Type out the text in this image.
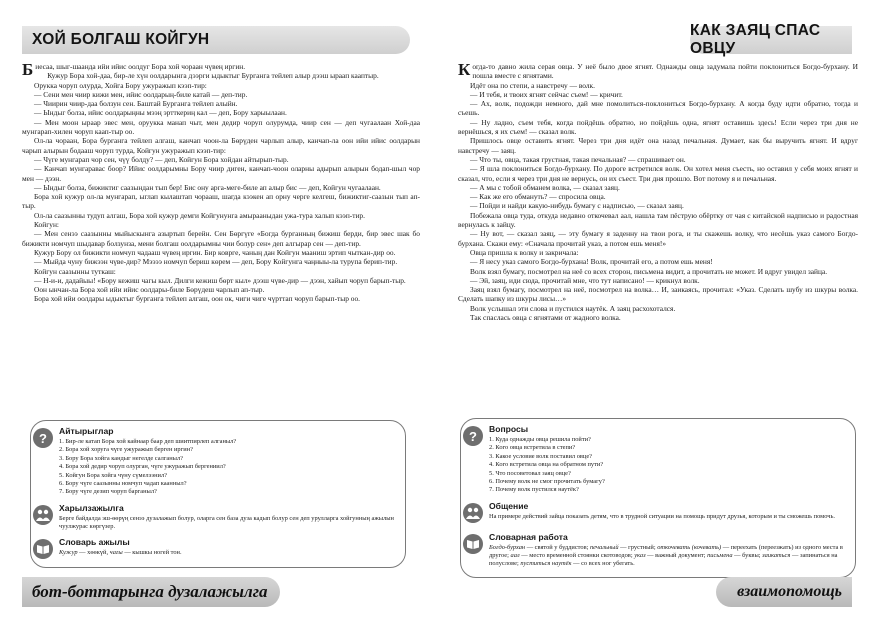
ХОЙ БОЛГАШ КОЙГУН

Биесаа, шыг-шаанда ийи ийис оолдуг Бора хой чораан чүвең иргин.

Кужур Бора хой-даа, бир-ле хүн оолдарынга дээрги ыдыктыг Бурганга тейлеп алыр дээш ыраап кааптыр.

Орукка чоруп олурда, Хойга Бору ужуражып кээп-тир:

— Сени мен чиир кижи мен, ийис оолдарың-биле катай — деп-тир.

— Чиирин чиир-даа болзун сен. Баштай Бурганга тейлеп алыйн.

— Ындыг болза, ийис оолдарыңны мээң эртткериң кал — деп, Бору харыылаан.

— Мен моон ыраар эвес мен, оруукка манап чыт, мен дедир чоруп олурумда, чиир сен — деп чугаалаан Хой-даа мунгарап-хилен чоруп каап-тыр оо.

Ол-ла чораан, Бора бурганга тейлеп алгаш, канчап чоон-ла Бөрүден чарлып алыр, канчап-ла оон ийи ийис оолдарын чарып алырын бодааш чоруп турда, Койгун ужуражып кээп-тир:

— Чүге мунгарап чор сен, чүү болду? — деп, Койгун Бора хойдан айтырып-тыр.

— Канчап мунгаравас боор? Ийис оолдарымны Бору чиир диген, канчап-чоон оларны адырып алырын бодап-шыл чор мен — дээн.

— Ындыг болза, бижиктиг саазындан тып бер! Бис ону арга-мегe-биле ап алыр бис — деп, Койгун чугаалаан.

Бора хой кужур ол-ла мунгарап, ыглап кылаштап чорааш, шагда кээкен ап орну черге келгеш, бижиктиг-саазын тып ап-тыр.

Ол-ла саазынны тудуп алгаш, Бора хой кужур демги Койгунунга амырааныдан ужа-тура халып кээп-тир.

Койгун:

— Мен сенээ саазынны мыйыскынга азыртып берейн. Сен Бөргүге «Богда бурганның бижиш берди, бир эвес шак бо бижикти номчуп шыдавар болзунза, мени болгаш оолдарымны чии болур сен» деп алгырар сен — деп-тир.

Кужур Бору ол бижикти номчуп чадааш чүвең иргин. Бир ковргe, чаның дан Койгун мааниш эртип чыткан-дир оо.

— Мыйда чуну бижээн чүве-дир? Мээээ номчуп бериш көрем — деп, Бору Койгунга чаңныы-ла турупа берип-тир.

Койгун саазынны туткаш:

— Н-и-и, дадайыы! «Бору кежиш чагы кыл. Дилги кежиш бөрт кыл» дээш чүве-дир — дээн, хайып чоруп барып-тыр.

Оон ынчан-ла Бора хой ийи ийис оолдары-биле Бөрүдеш чарлып ап-тыр.

Бора хой ийи оолдары ыдыктыг бурганга тейлеп алгаш, оон ок, чиги чиге чүрттап чоруп барып-тыр оо.

?	Айтырыглар
1. Бир-ле катап Бора хой кайнаар баар деп шиитпирлеп алганыл?
2. Бора хой хоруга чүге ужуражып берген иргин?
3. Бору Бора хойга кандыг негелде салганыл?
4. Бора хой дедир чоруп олурган, чүге ужуражып бергениил?
5. Койгун Бора хойга чүну сүмелээнил?
6. Бору чүге саазынны номчуп чадап каанныл?
7. Бору чүге дезип чоруп барганыл?
Харылзажылга
Бергe байдалда эш-өөрүң сенээ дузалажып болур, оларга сен база дуза кадып болур сен деп урулларга хойгунның ажылын чуулжурас көргүзер.
Словарь ажылы
Кужур — хөөкүй, чагы — кышкы ногей тон.
бот-боттарынга дузалажылга
КАК ЗАЯЦ СПАС ОВЦУ

Когда-то давно жила серая овца. У неё было двое ягнят. Однажды овца задумала пойти поклониться Богдо-бурхану. И пошла вместе с ягнятами.

Идёт она по степи, а навстречу — волк.

— И тебя, и твоих ягнят сейчас съем! — кричит.

— Ах, волк, подожди немного, дай мне помолиться-поклониться Богдо-бурхану. А когда буду идти обратно, тогда и съешь.

— Ну ладно, съем тебя, когда пойдёшь обратно, но пойдёшь одна, ягнят оставишь здесь! Если через три дня не вернёшься, я их съем! — сказал волк.

Пришлось овце оставить ягнят. Через три дня идёт она назад печальная. Думает, как бы выручить ягнят. И вдруг навстречу — заяц.

— Что ты, овца, такая грустная, такая печальная? — спрашивает он.

— Я шла поклониться Богдо-бурхану. По дороге встретился волк. Он хотел меня съесть, но оставил у себя моих ягнят и сказал, что, если я через три дня не вернусь, он их съест. Три дня прошло. Вот потому я и печальная.

— А мы с тобой обманем волка, — сказал заяц.

— Как же его обмануть? — спросила овца.

— Пойди и найди какую-нибудь бумагу с надписью, — сказал заяц.

Побежала овца туда, откуда недавно откочевал аал, нашла там пёструю обёртку от чая с китайской надписью и радостная вернулась к зайцу.

— Ну вот, — сказал заяц, — эту бумагу я заденну на твои рога, и ты скажешь волку, что несёшь указ самого Богдо-бурхана. Скажи ему: «Сначала прочитай указ, а потом ешь меня!»

Овца пришла к волку и закричала:

— Я несу указ самого Богдо-бурхана! Волк, прочитай его, а потом ешь меня!

Волк взял бумагу, посмотрел на неё со всех сторон, письмена видит, а прочитать не может. И вдруг увидел зайца.

— Эй, заяц, иди сюда, прочитай мне, что тут написано! — крикнул волк.

Заяц взял бумагу, посмотрел на неё, посмотрел на волка… И, заикаясь, прочитал: «Указ. Сделать шубу из шкуры волка. Сделать шапку из шкуры лисы…»

Волк услышал эти слова и пустился наутёк. А заяц расхохотался.

Так спаслась овца с ягнятами от жадного волка.

?	Вопросы
1. Куда однажды овца решила пойти?
2. Кого овца встретила в степи?
3. Какое условие волк поставил овце?
4. Кого встретила овца на обратном пути?
5. Что посоветовал заяц овце?
6. Почему волк не смог прочитать бумагу?
7. Почему волк пустился наутёк?
Общение
На примере действий зайца показать детям, что в трудной ситуации на помощь придут друзья, которым и ты сможешь помочь.
Словарная работа
Богдо-бурхан — святой у буддистов; печальный — грустный; откочевать (кочевать) — переехать (переезжать) из одного места в другое; аал — место временной стоянки скотоводов; указ — важный документ; письмена — буквы; заикаться — запинаться на полуслове; пуститься наутёк — со всех ног убегать.
взаимопомощь
